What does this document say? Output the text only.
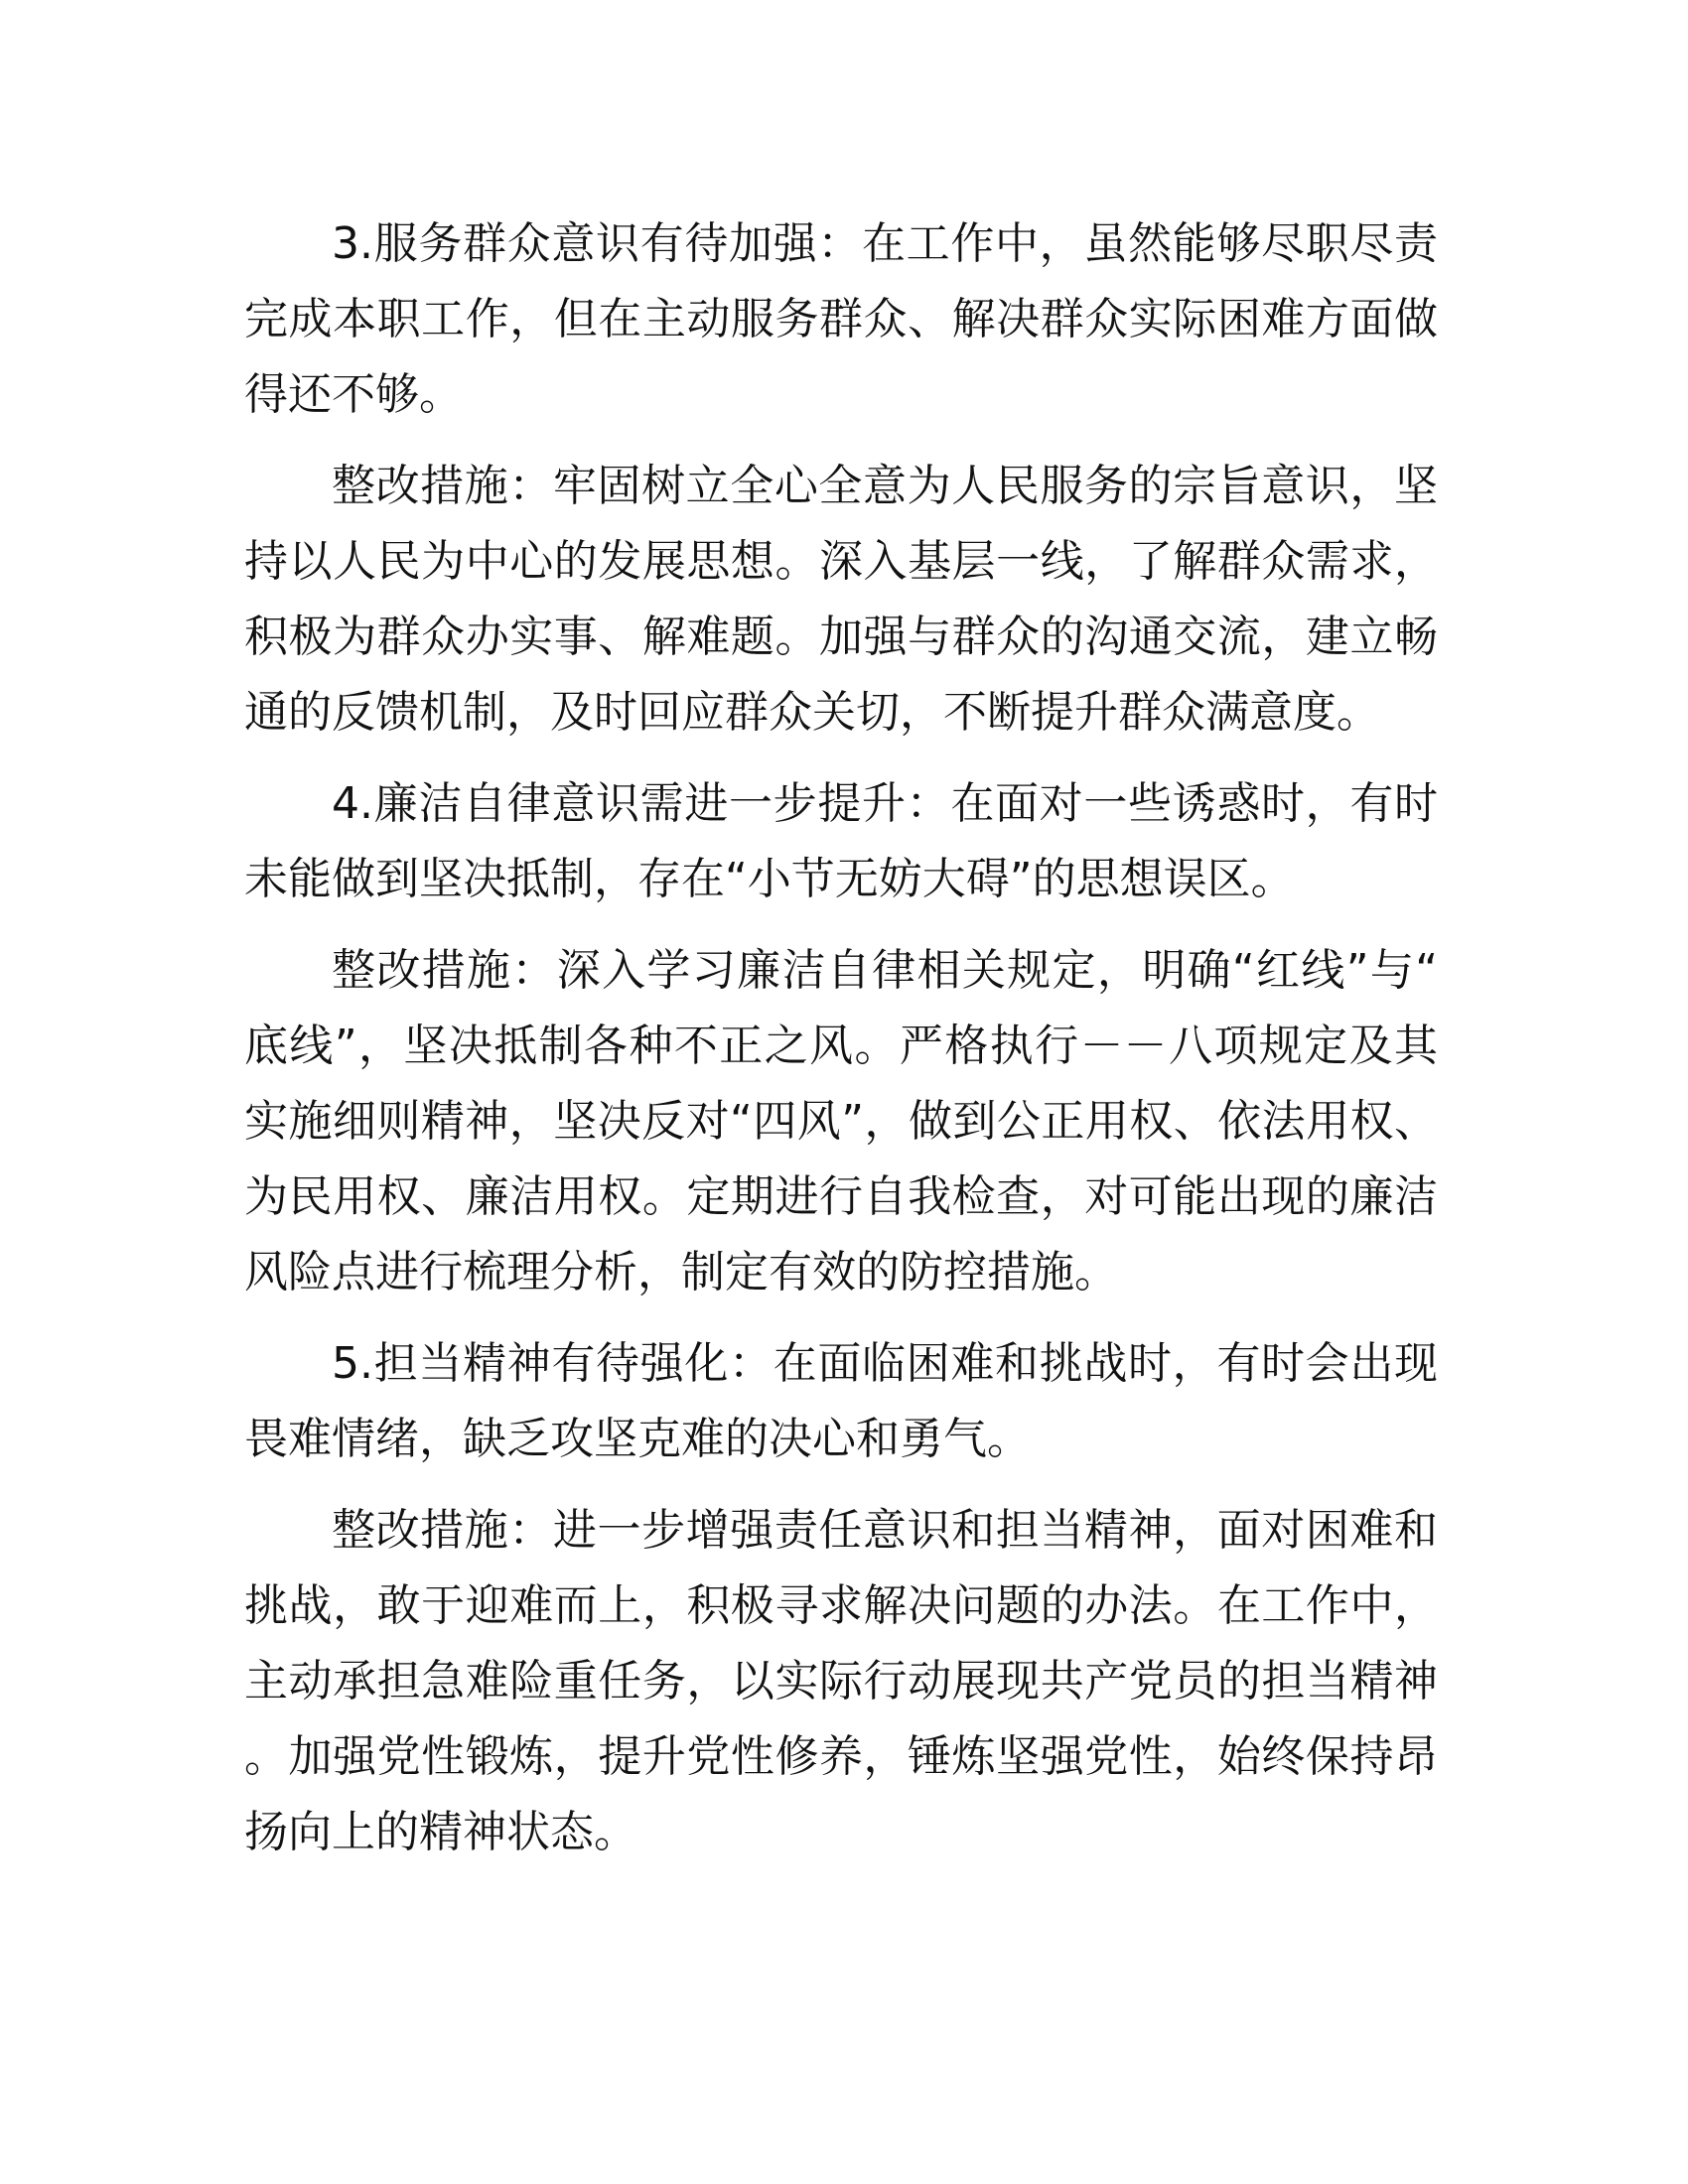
3.服务群众意识有待加强：在工作中，虽然能够尽职尽责完成本职工作，但在主动服务群众、解决群众实际困难方面做得还不够。

整改措施：牢固树立全心全意为人民服务的宗旨意识，坚持以人民为中心的发展思想。深入基层一线，了解群众需求，积极为群众办实事、解难题。加强与群众的沟通交流，建立畅通的反馈机制，及时回应群众关切，不断提升群众满意度。

4.廉洁自律意识需进一步提升：在面对一些诱惑时，有时未能做到坚决抵制，存在“小节无妨大碍”的思想误区。

整改措施：深入学习廉洁自律相关规定，明确“红线”与“底线”，坚决抵制各种不正之风。严格执行－－八项规定及其实施细则精神，坚决反对“四风”，做到公正用权、依法用权、为民用权、廉洁用权。定期进行自我检查，对可能出现的廉洁风险点进行梳理分析，制定有效的防控措施。

5.担当精神有待强化：在面临困难和挑战时，有时会出现畏难情绪，缺乏攻坚克难的决心和勇气。

整改措施：进一步增强责任意识和担当精神，面对困难和挑战，敢于迎难而上，积极寻求解决问题的办法。在工作中，主动承担急难险重任务，以实际行动展现共产党员的担当精神。加强党性锻炼，提升党性修养，锤炼坚强党性，始终保持昂扬向上的精神状态。
